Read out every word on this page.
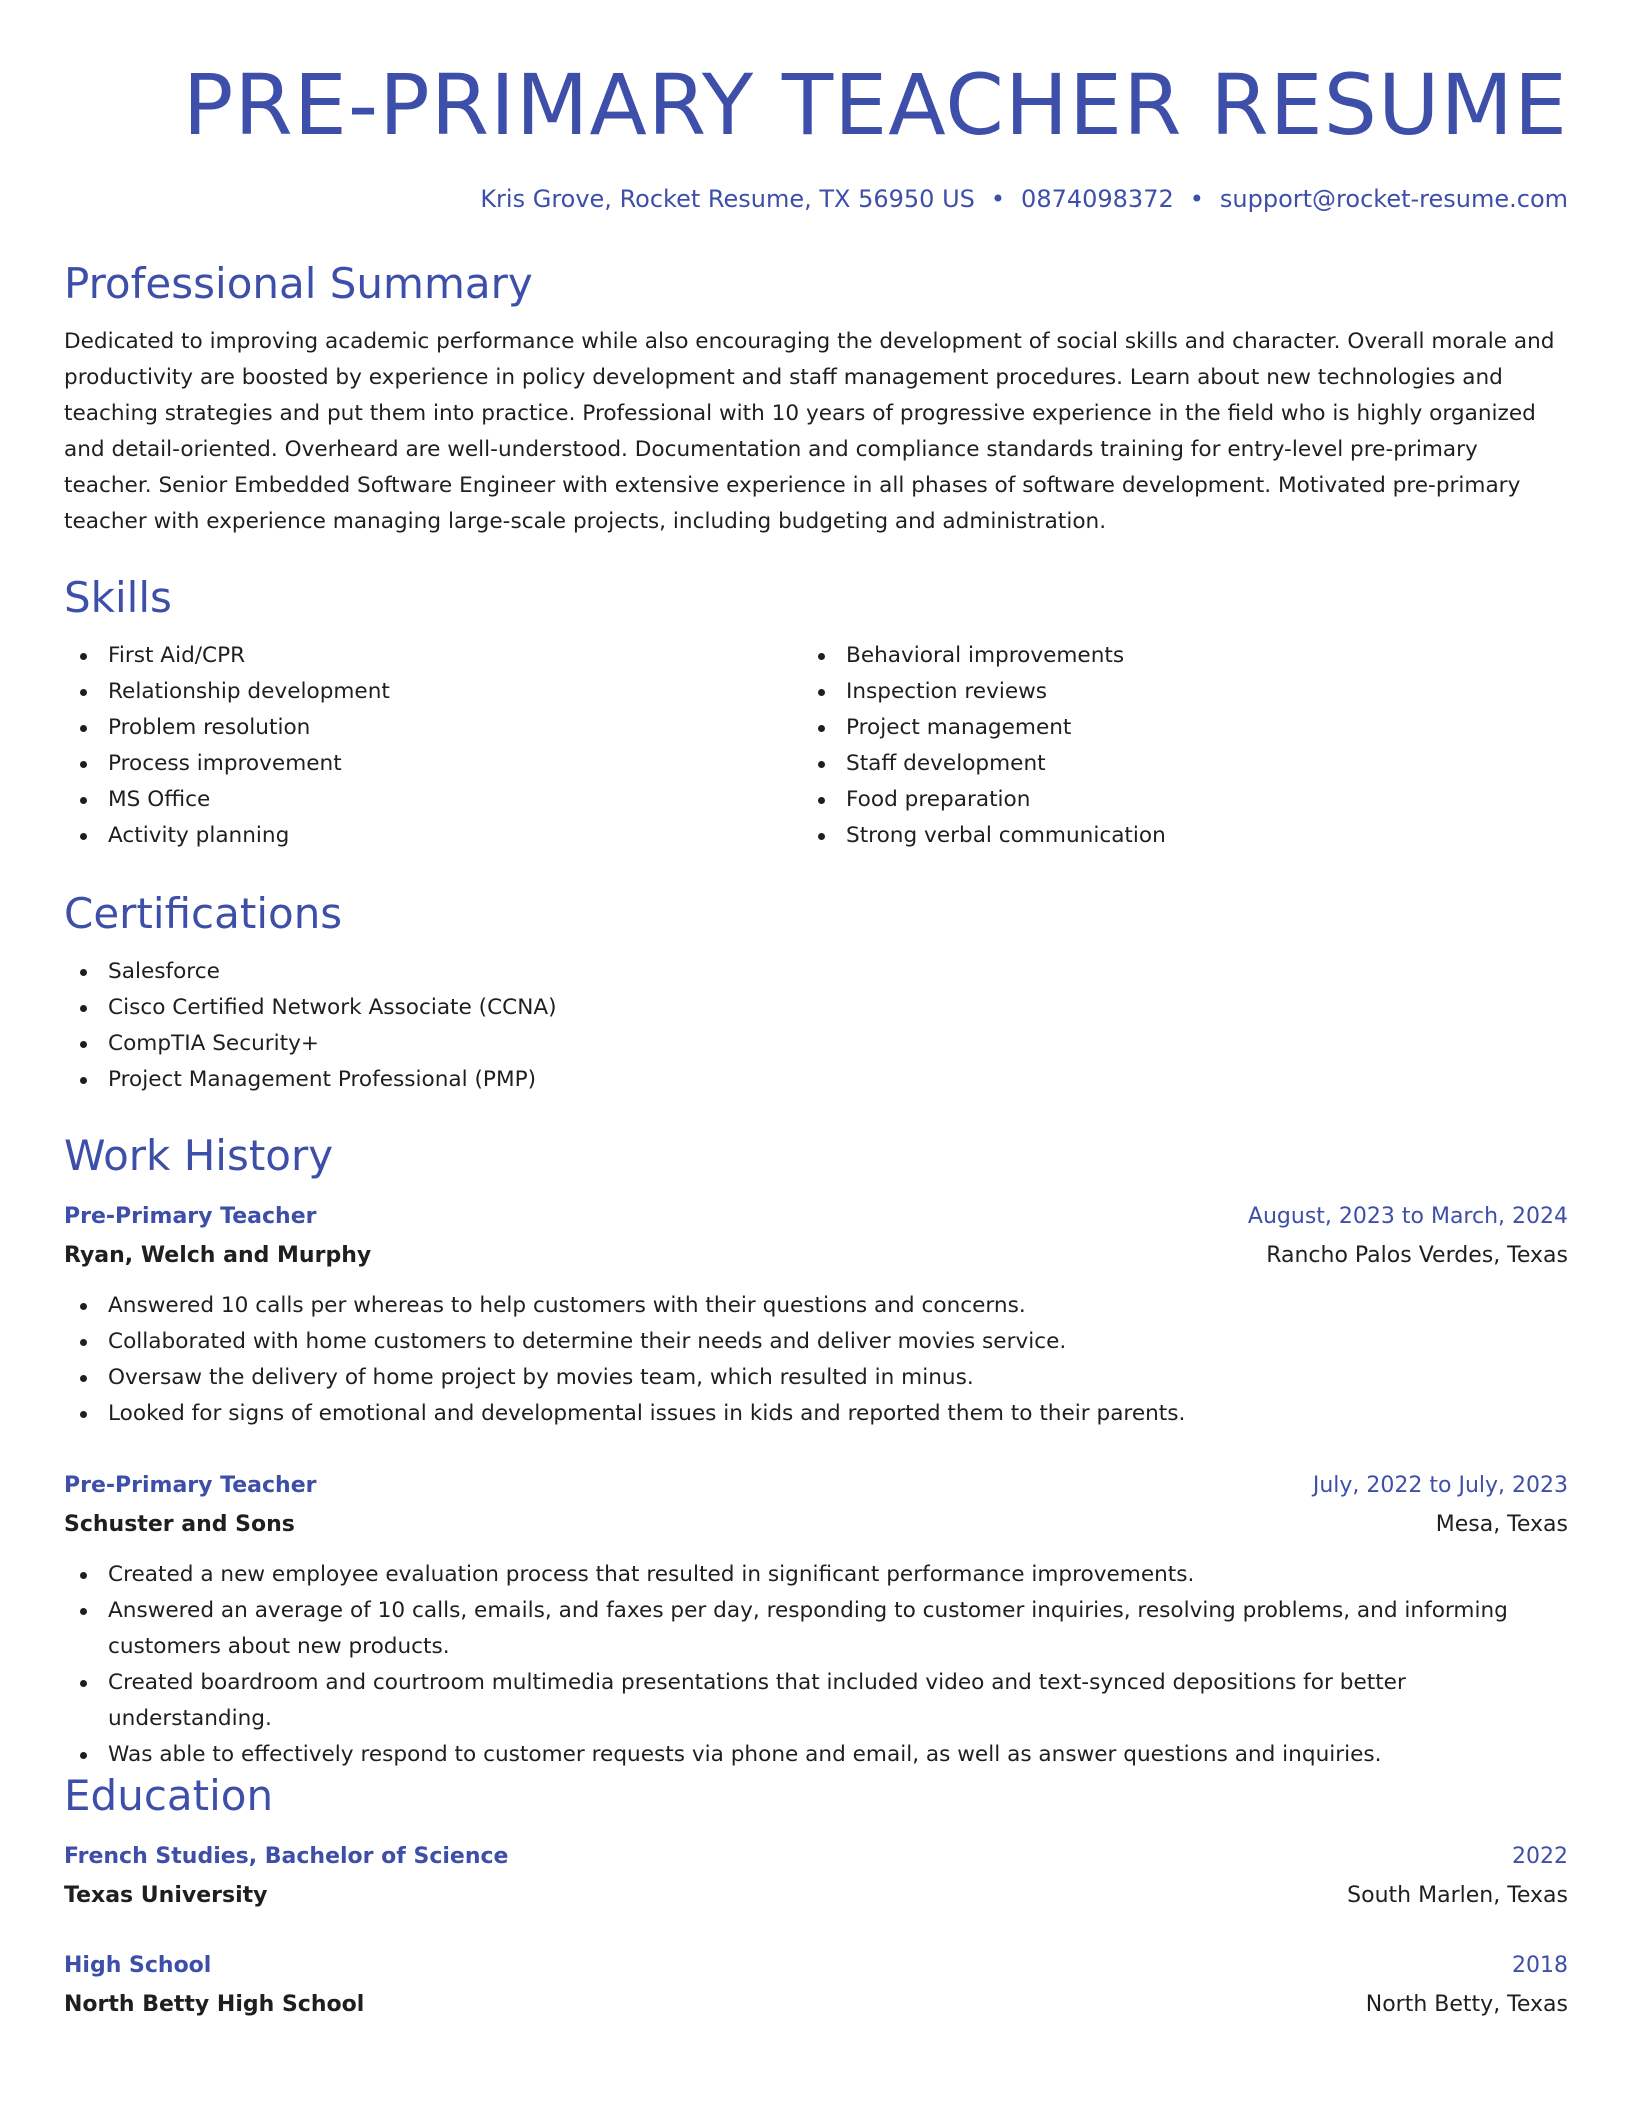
PRE-PRIMARY TEACHER RESUME
Kris Grove, Rocket Resume, TX 56950 US • 0874098372 • support@rocket-resume.com
Professional Summary

Dedicated to improving academic performance while also encouraging the development of social skills and character. Overall morale and productivity are boosted by experience in policy development and staff management procedures. Learn about new technologies and teaching strategies and put them into practice. Professional with 10 years of progressive experience in the field who is highly organized and detail-oriented. Overheard are well-understood. Documentation and compliance standards training for entry-level pre-primary teacher. Senior Embedded Software Engineer with extensive experience in all phases of software development. Motivated pre-primary teacher with experience managing large-scale projects, including budgeting and administration.

Skills
First Aid/CPR
Relationship development
Problem resolution
Process improvement
MS Office
Activity planning
Behavioral improvements
Inspection reviews
Project management
Staff development
Food preparation
Strong verbal communication
Certifications
Salesforce
Cisco Certified Network Associate (CCNA)
CompTIA Security+
Project Management Professional (PMP)
Work History
Pre-Primary Teacher	August, 2023 to March, 2024
Ryan, Welch and Murphy	Rancho Palos Verdes, Texas
Answered 10 calls per whereas to help customers with their questions and concerns.
Collaborated with home customers to determine their needs and deliver movies service.
Oversaw the delivery of home project by movies team, which resulted in minus.
Looked for signs of emotional and developmental issues in kids and reported them to their parents.
Pre-Primary Teacher	July, 2022 to July, 2023
Schuster and Sons	Mesa, Texas
Created a new employee evaluation process that resulted in significant performance improvements.
Answered an average of 10 calls, emails, and faxes per day, responding to customer inquiries, resolving problems, and informing customers about new products.
Created boardroom and courtroom multimedia presentations that included video and text-synced depositions for better understanding.
Was able to effectively respond to customer requests via phone and email, as well as answer questions and inquiries.
Education
French Studies, Bachelor of Science	2022
Texas University	South Marlen, Texas
High School	2018
North Betty High School	North Betty, Texas
